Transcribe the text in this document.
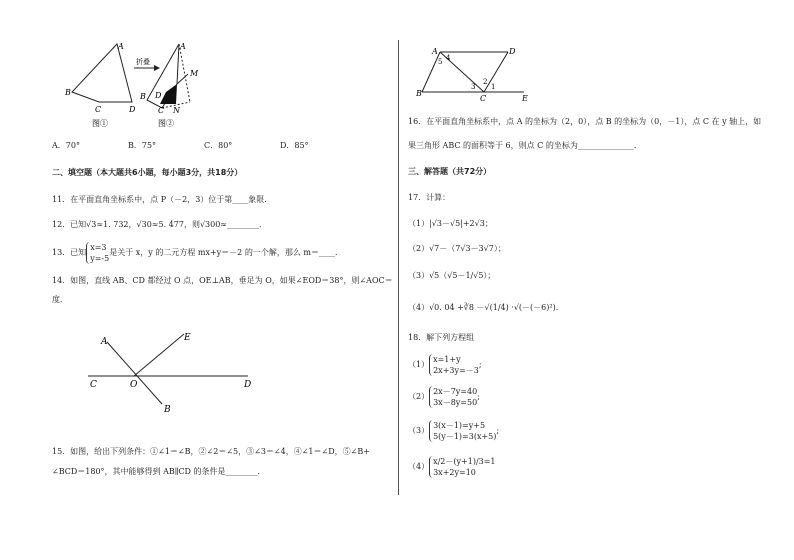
A
B
C	D
A
B D
C N
M
折叠
图①	图②
A．70°	B．75°	C．80°	D．85°
二、填空题（本大题共6小题，每小题3分，共18分）
11．在平面直角坐标系中，点 P（－2，3）位于第____象限．
12．已知√3≈1. 732，√30≈5. 477，则√300≈________．
13．已知x=3
y=-5是关于 x，y 的二元方程 mx+y＝－2 的一个解，那么 m＝____．
14．如图，直线 AB、CD 都经过 O 点，OE⊥AB，垂足为 O，如果∠EOD＝38°，则∠AOC＝
度．
A	E
C	O	D
B
15．如图，给出下列条件：①∠1＝∠B，②∠2＝∠5，③∠3＝∠4，④∠1＝∠D，⑤∠B+
∠BCD＝180°，其中能够得到 AB∥CD 的条件是________．
A	D
B
C	E
4
5
3
2
1
16．在平面直角坐标系中，点 A 的坐标为（2，0），点 B 的坐标为（0，－1），点 C 在 y 轴上，如
果三角形 ABC 的面积等于 6，则点 C 的坐标为______________．
三、解答题（共72分）
17．计算：
（1）|√3－√5|+2√3；
（2）√7－（7√3－3√7）；
（3）√5（√5－1/√5）；
（4）√0. 04 +∛8 －√(1/4) ·√(－(－6)²)．
18．解下列方程组
（1）x=1+y
2x+3y=－3;
（2）2x－7y=40
3x－8y=50;
（3）3(x－1)=y+5
5(y－1)=3(x+5);
（4）x/2－(y+1)/3=1
3x+2y=10
